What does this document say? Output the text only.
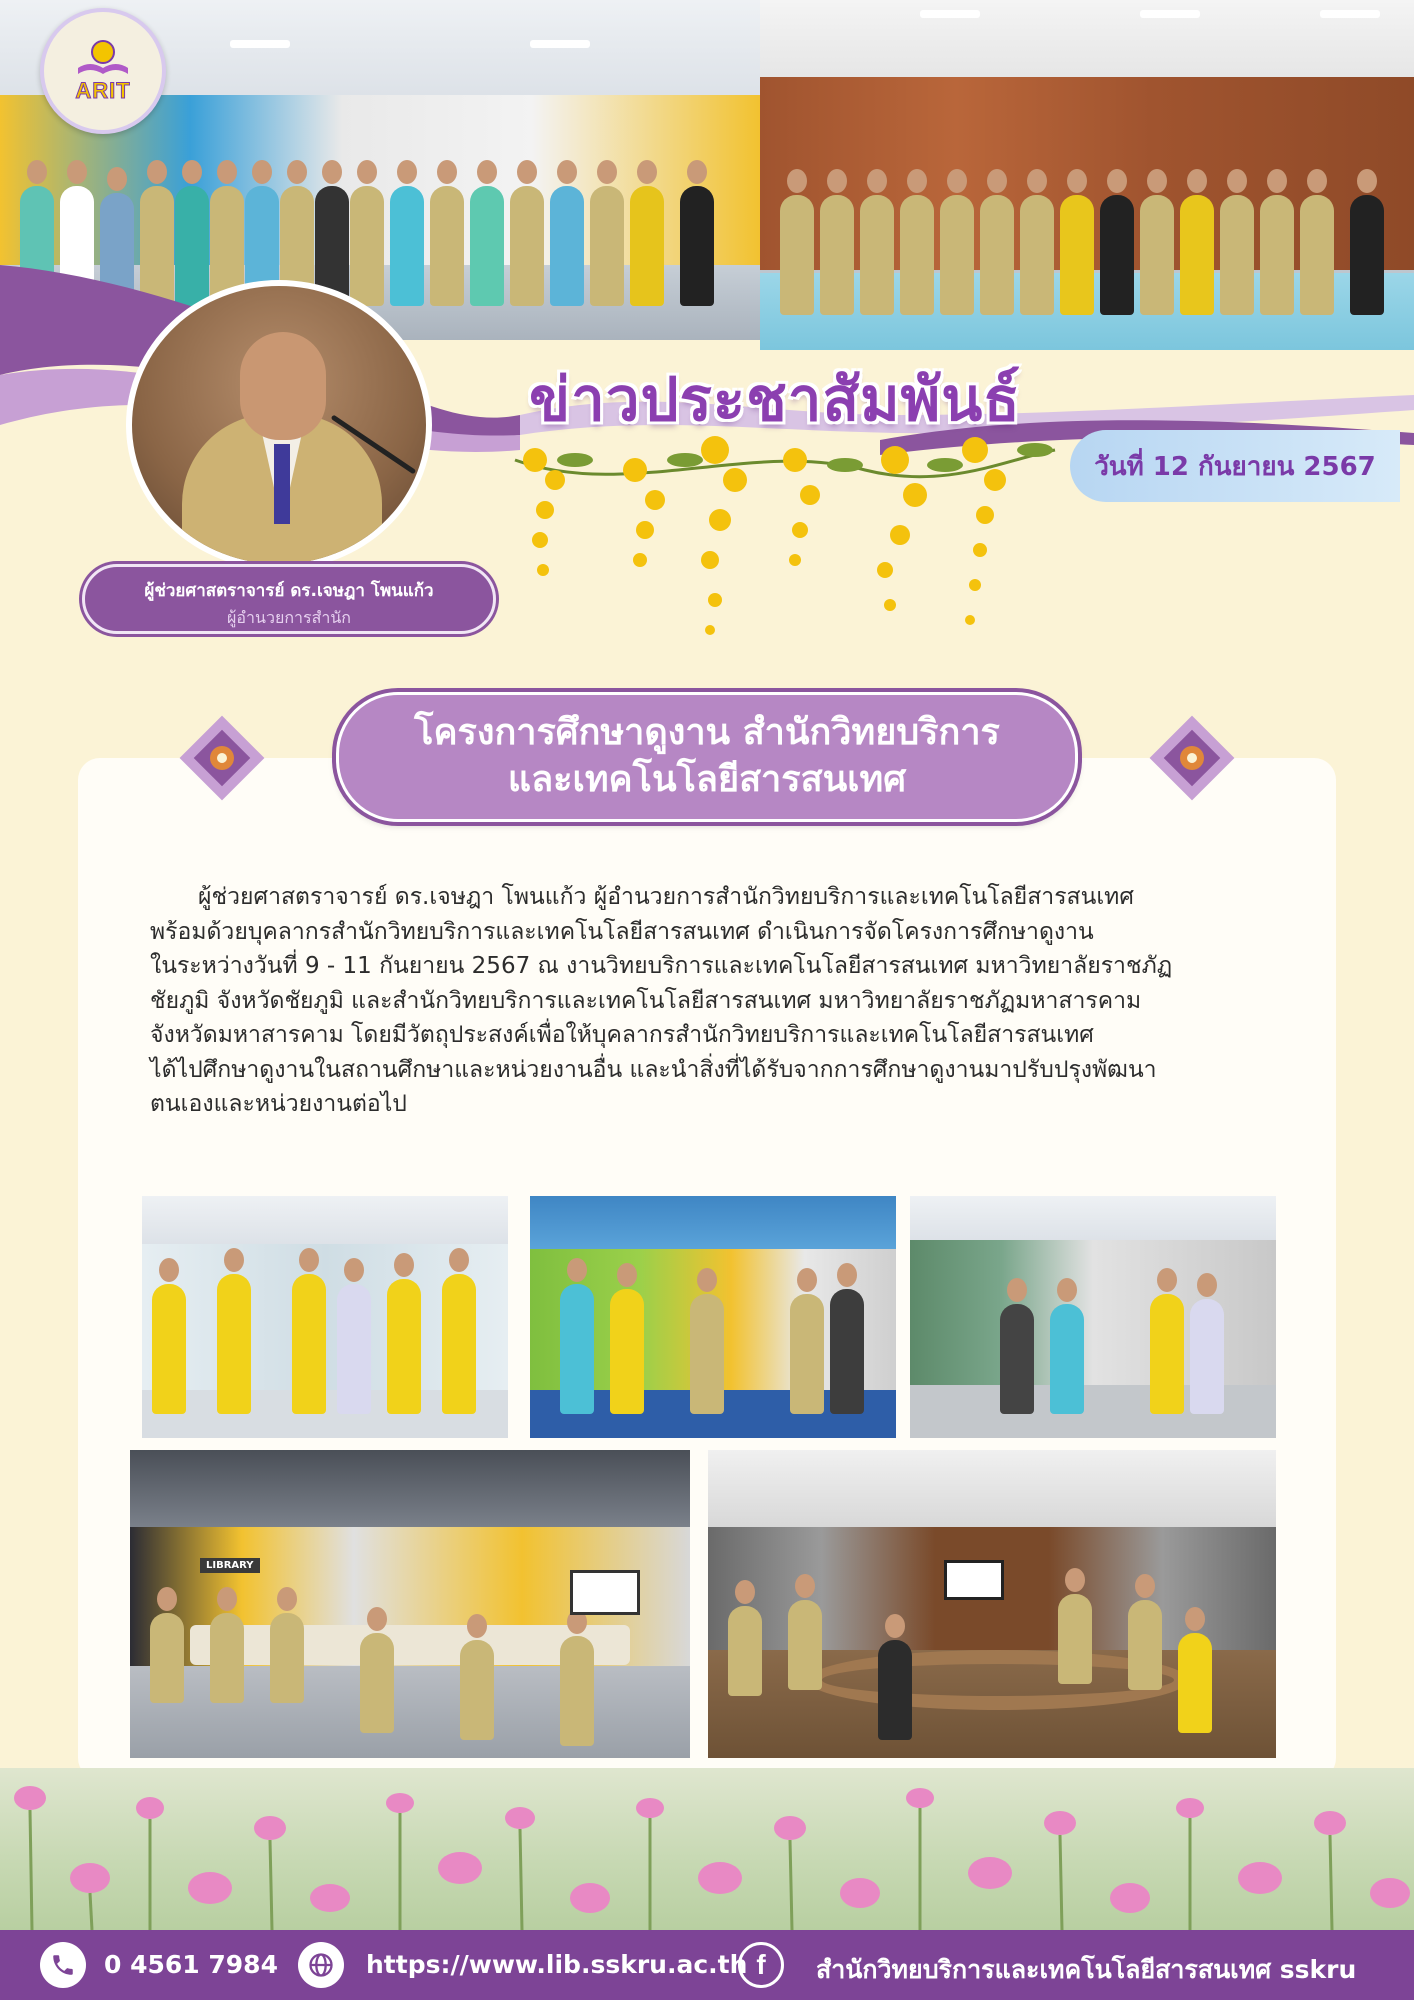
ARIT
ผู้ช่วยศาสตราจารย์ ดร.เจษฎา โพนแก้ว
ผู้อำนวยการสำนัก
ข่าวประชาสัมพันธ์
วันที่ 12 กันยายน 2567
โครงการศึกษาดูงาน สำนักวิทยบริการ
และเทคโนโลยีสารสนเทศ
ผู้ช่วยศาสตราจารย์ ดร.เจษฎา โพนแก้ว ผู้อำนวยการสำนักวิทยบริการและเทคโนโลยีสารสนเทศ
พร้อมด้วยบุคลากรสำนักวิทยบริการและเทคโนโลยีสารสนเทศ ดำเนินการจัดโครงการศึกษาดูงาน
ในระหว่างวันที่ 9 - 11 กันยายน 2567 ณ งานวิทยบริการและเทคโนโลยีสารสนเทศ มหาวิทยาลัยราชภัฏ
ชัยภูมิ จังหวัดชัยภูมิ และสำนักวิทยบริการและเทคโนโลยีสารสนเทศ มหาวิทยาลัยราชภัฏมหาสารคาม
จังหวัดมหาสารคาม โดยมีวัตถุประสงค์เพื่อให้บุคลากรสำนักวิทยบริการและเทคโนโลยีสารสนเทศ
ได้ไปศึกษาดูงานในสถานศึกษาและหน่วยงานอื่น และนำสิ่งที่ได้รับจากการศึกษาดูงานมาปรับปรุงพัฒนา
ตนเองและหน่วยงานต่อไป
LIBRARY
0 4561 7984	https://www.lib.sskru.ac.th f สำนักวิทยบริการและเทคโนโลยีสารสนเทศ sskru
